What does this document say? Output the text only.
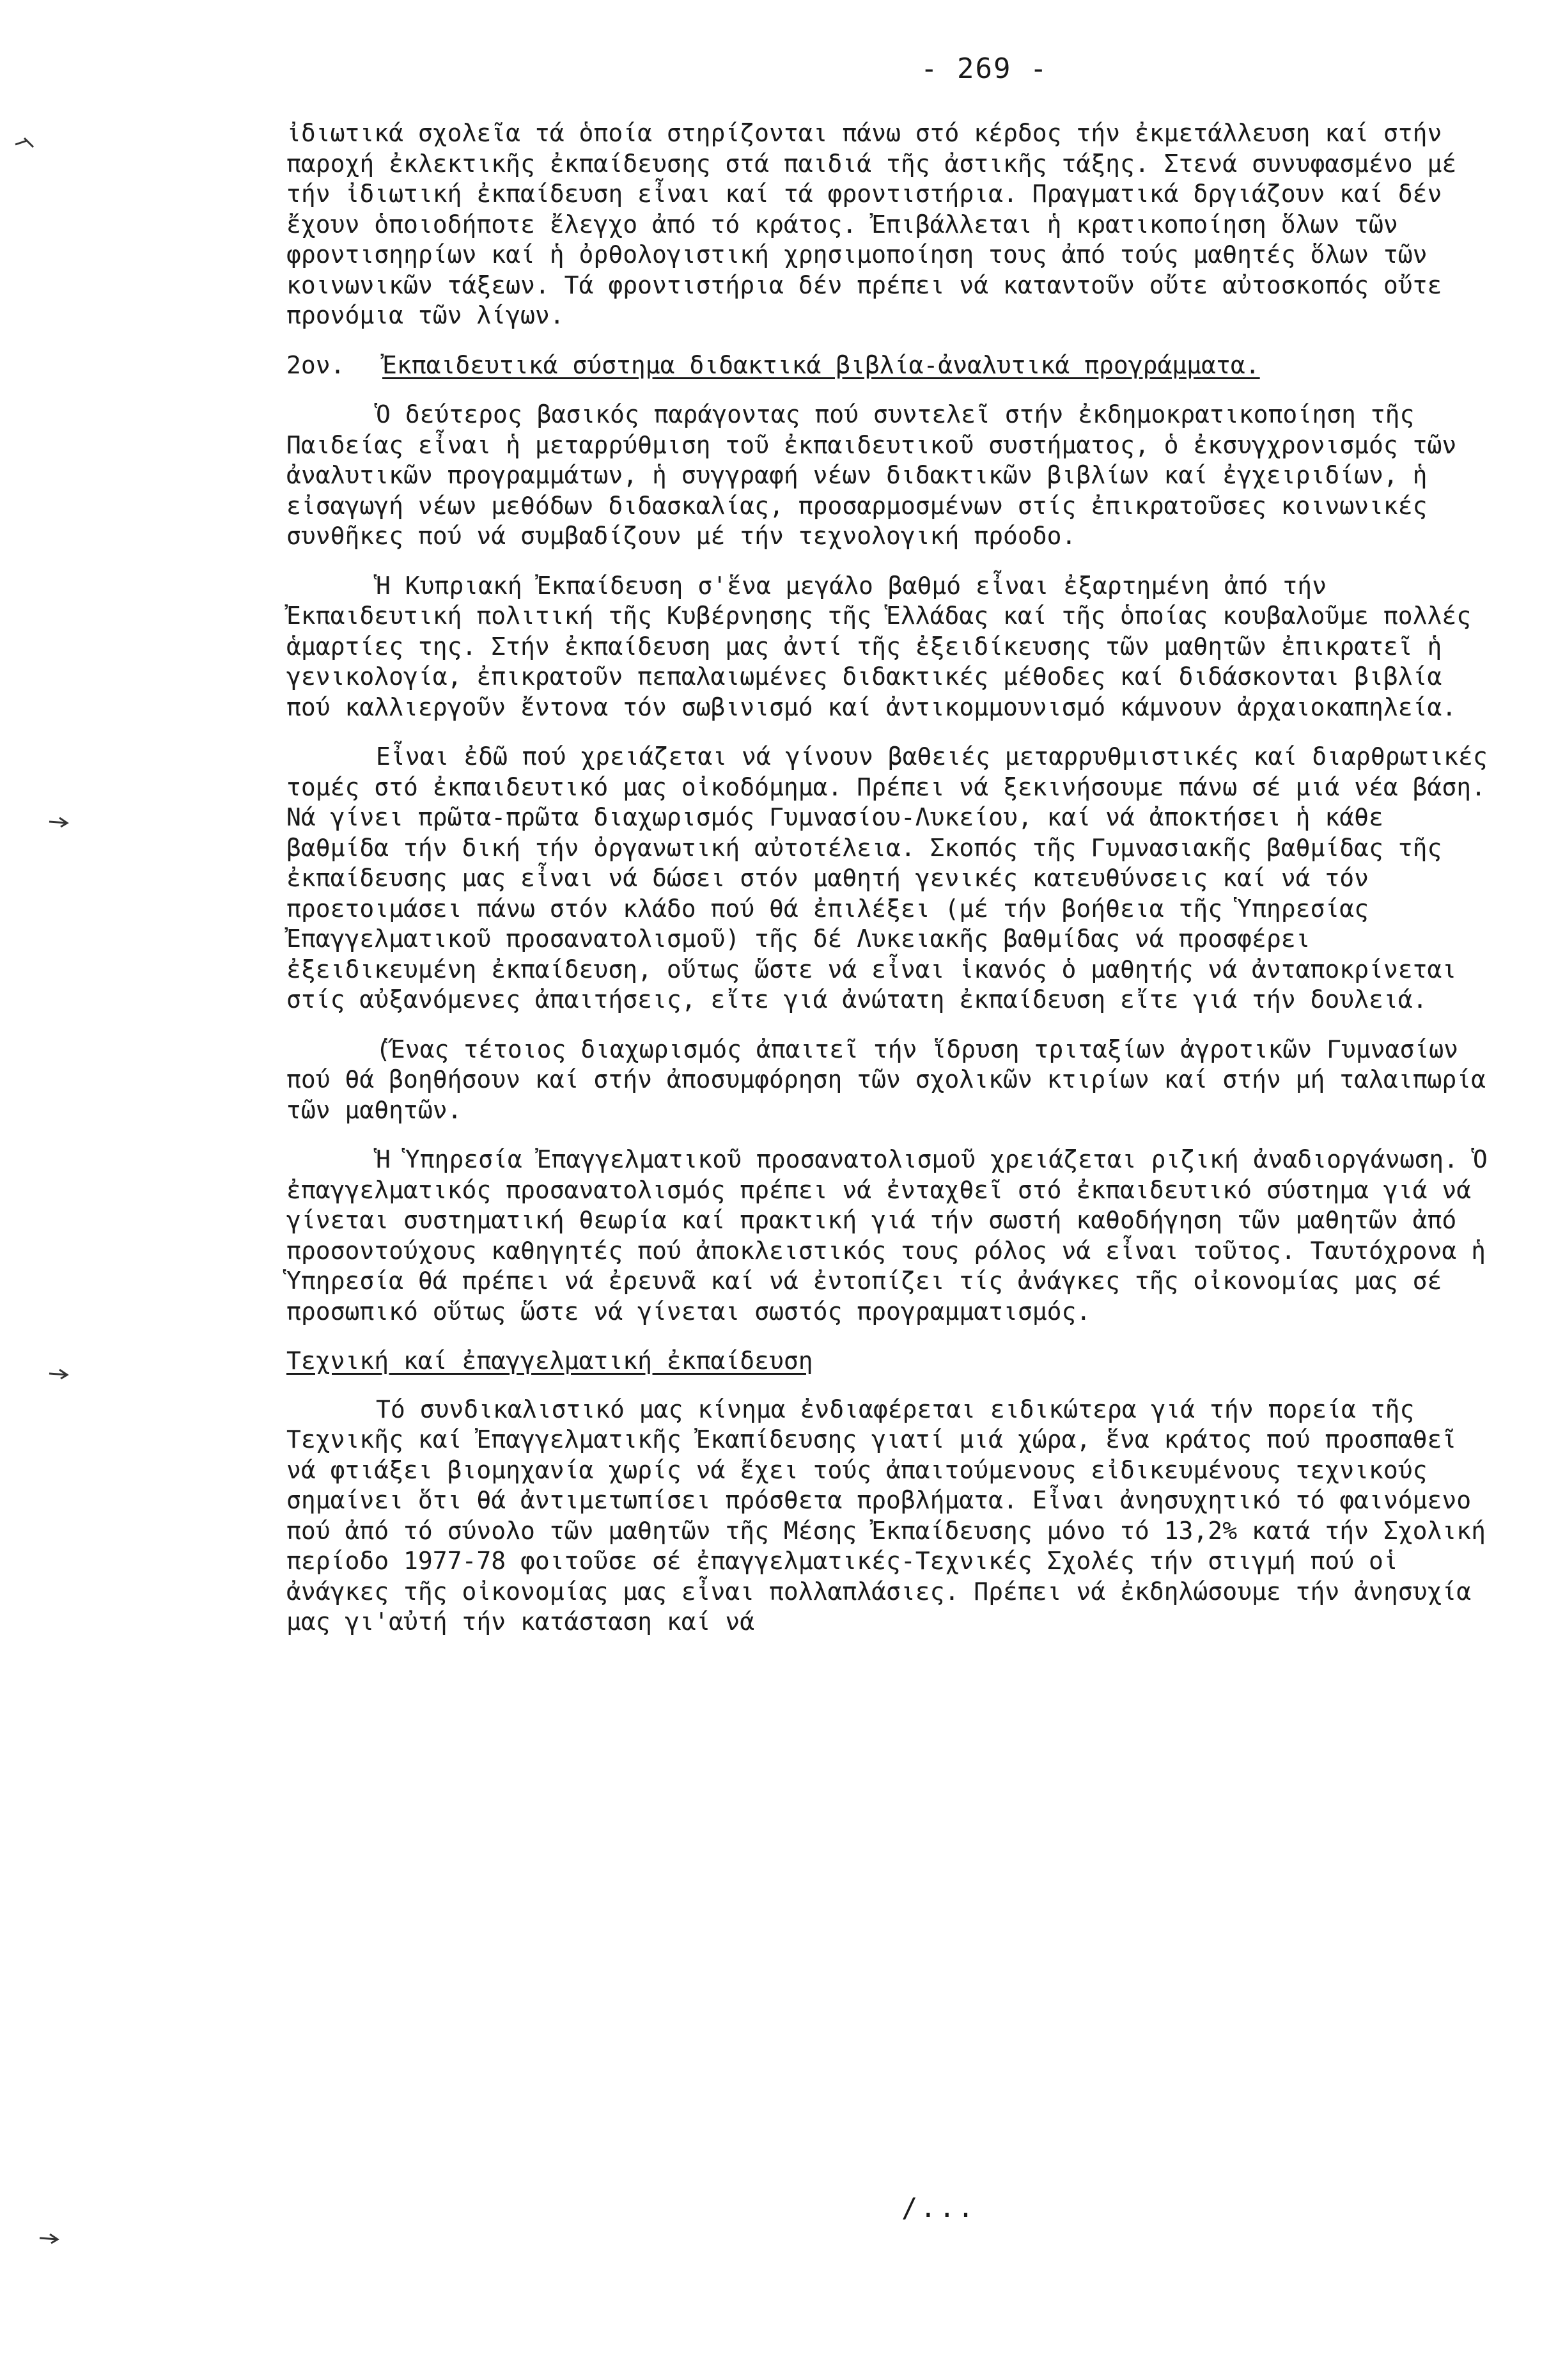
- 269 -

ἰδιωτικά σχολεῖα τά ὁποία στηρίζονται πάνω στό κέρδος τήν ἐκμετάλλευση καί στήν παροχή ἐκλεκτικῆς ἐκπαίδευσης στά παιδιά τῆς ἀστικῆς τάξης. Στενά συνυφασμένο μέ τήν ἰδιωτική ἐκπαίδευση εἶναι καί τά φροντιστήρια. Πραγματικά δργιάζουν καί δέν ἔχουν ὁποιοδήποτε ἔλεγχο ἀπό τό κράτος. Ἐπιβάλλεται ἡ κρατικοποίηση ὅλων τῶν φροντισηηρίων καί ἡ ὀρθολογιστική χρησιμοποίηση τους ἀπό τούς μαθητές ὅλων τῶν κοινωνικῶν τάξεων. Τά φροντιστήρια δέν πρέπει νά καταντοῦν οὔτε αὐτοσκοπός οὔτε προνόμια τῶν λίγων.

2ον.	Ἐκπαιδευτικά σύστημα διδακτικά βιβλία-ἀναλυτικά προγράμματα.

Ὁ δεύτερος βασικός παράγοντας πού συντελεῖ στήν ἐκδημοκρατικοποίηση τῆς Παιδείας εἶναι ἡ μεταρρύθμιση τοῦ ἐκπαιδευτικοῦ συστήματος, ὁ ἐκσυγχρονισμός τῶν ἀναλυτικῶν προγραμμάτων, ἡ συγγραφή νέων διδακτικῶν βιβλίων καί ἐγχειριδίων, ἡ εἰσαγωγή νέων μεθόδων διδασκαλίας, προσαρμοσμένων στίς ἐπικρατοῦσες κοινωνικές συνθῆκες πού νά συμβαδίζουν μέ τήν τεχνολογική πρόοδο.

Ἡ Κυπριακή Ἐκπαίδευση σ'ἕνα μεγάλο βαθμό εἶναι ἐξαρτημένη ἀπό τήν Ἐκπαιδευτική πολιτική τῆς Κυβέρνησης τῆς Ἑλλάδας καί τῆς ὁποίας κουβαλοῦμε πολλές ἁμαρτίες της. Στήν ἐκπαίδευση μας ἀντί τῆς ἐξειδίκευσης τῶν μαθητῶν ἐπικρατεῖ ἡ γενικολογία, ἐπικρατοῦν πεπαλαιωμένες διδακτικές μέθοδες καί διδάσκονται βιβλία πού καλλιεργοῦν ἔντονα τόν σωβινισμό καί ἀντικομμουνισμό κάμνουν ἀρχαιοκαπηλεία.

Εἶναι ἐδῶ πού χρειάζεται νά γίνουν βαθειές μεταρρυθμιστικές καί διαρθρωτικές τομές στό ἐκπαιδευτικό μας οἰκοδόμημα. Πρέπει νά ξεκινήσουμε πάνω σέ μιά νέα βάση. Νά γίνει πρῶτα-πρῶτα διαχωρισμός Γυμνασίου-Λυκείου, καί νά ἀποκτήσει ἡ κάθε βαθμίδα τήν δική τήν ὀργανωτική αὐτοτέλεια. Σκοπός τῆς Γυμνασιακῆς βαθμίδας τῆς ἐκπαίδευσης μας εἶναι νά δώσει στόν μαθητή γενικές κατευθύνσεις καί νά τόν προετοιμάσει πάνω στόν κλάδο πού θά ἐπιλέξει (μέ τήν βοήθεια τῆς Ὑπηρεσίας Ἐπαγγελματικοῦ προσανατολισμοῦ) τῆς δέ Λυκειακῆς βαθμίδας νά προσφέρει ἐξειδικευμένη ἐκπαίδευση, οὕτως ὥστε νά εἶναι ἱκανός ὁ μαθητής νά ἀνταποκρίνεται στίς αὐξανόμενες ἀπαιτήσεις, εἴτε γιά ἀνώτατη ἐκπαίδευση εἴτε γιά τήν δουλειά.

(Ἕνας τέτοιος διαχωρισμός ἀπαιτεῖ τήν ἵδρυση τριταξίων ἀγροτικῶν Γυμνασίων πού θά βοηθήσουν καί στήν ἀποσυμφόρηση τῶν σχολικῶν κτιρίων καί στήν μή ταλαιπωρία τῶν μαθητῶν.

Ἡ Ὑπηρεσία Ἐπαγγελματικοῦ προσανατολισμοῦ χρειάζεται ριζική ἀναδιοργάνωση. Ὁ ἐπαγγελματικός προσανατολισμός πρέπει νά ἐνταχθεῖ στό ἐκπαιδευτικό σύστημα γιά νά γίνεται συστηματική θεωρία καί πρακτική γιά τήν σωστή καθοδήγηση τῶν μαθητῶν ἀπό προσοντούχους καθηγητές πού ἀποκλειστικός τους ρόλος νά εἶναι τοῦτος. Ταυτόχρονα ἡ Ὑπηρεσία θά πρέπει νά ἐρευνᾶ καί νά ἐντοπίζει τίς ἀνάγκες τῆς οἰκονομίας μας σέ προσωπικό οὕτως ὥστε νά γίνεται σωστός προγραμματισμός.

Τεχνική καί ἐπαγγελματική ἐκπαίδευση

Τό συνδικαλιστικό μας κίνημα ἐνδιαφέρεται ειδικώτερα γιά τήν πορεία τῆς Τεχνικῆς καί Ἐπαγγελματικῆς Ἐκαπίδευσης γιατί μιά χώρα, ἕνα κράτος πού προσπαθεῖ νά φτιάξει βιομηχανία χωρίς νά ἔχει τούς ἀπαιτούμενους εἰδικευμένους τεχνικούς σημαίνει ὅτι θά ἀντιμετωπίσει πρόσθετα προβλήματα. Εἶναι ἀνησυχητικό τό φαινόμενο πού ἀπό τό σύνολο τῶν μαθητῶν τῆς Μέσης Ἐκπαίδευσης μόνο τό 13,2% κατά τήν Σχολική περίοδο 1977-78 φοιτοῦσε σέ ἐπαγγελματικές-Τεχνικές Σχολές τήν στιγμή πού οἱ ἀνάγκες τῆς οἰκονομίας μας εἶναι πολλαπλάσιες. Πρέπει νά ἐκδηλώσουμε τήν ἀνησυχία μας γι'αὐτή τήν κατάσταση καί νά

/...
